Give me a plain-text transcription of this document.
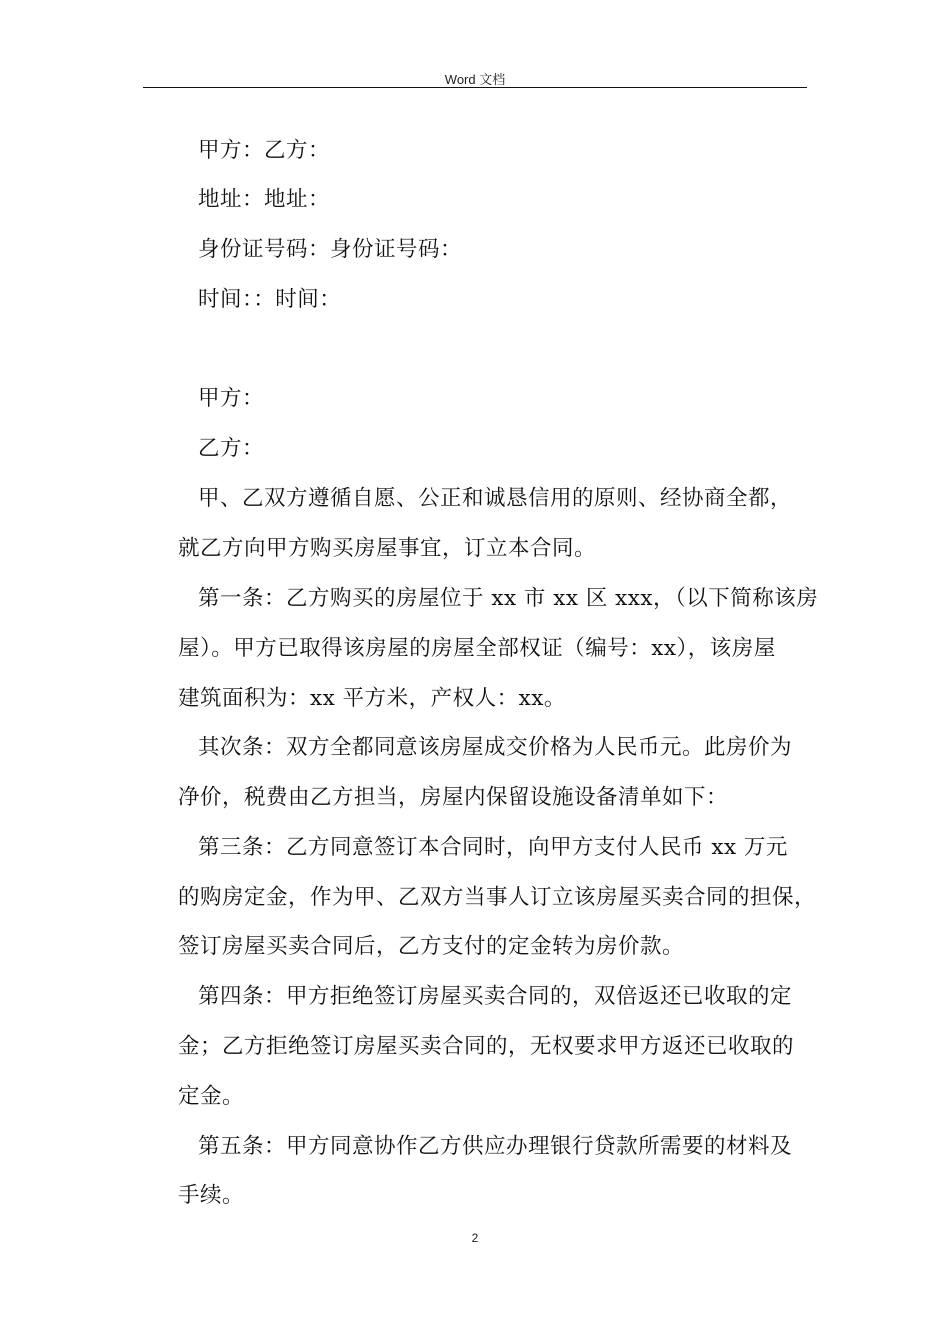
Word 文档
甲方：乙方：
地址：地址：
身份证号码：身份证号码：
时间：：时间：
甲方：
乙方：
甲、乙双方遵循自愿、公正和诚恳信用的原则、经协商全都，
就乙方向甲方购买房屋事宜，订立本合同。
第一条：乙方购买的房屋位于 xx 市 xx 区 xxx，（以下简称该房
屋）。甲方已取得该房屋的房屋全部权证（编号：xx），该房屋
建筑面积为：xx 平方米，产权人：xx。
其次条：双方全都同意该房屋成交价格为人民币元。此房价为
净价，税费由乙方担当，房屋内保留设施设备清单如下：
第三条：乙方同意签订本合同时，向甲方支付人民币 xx 万元
的购房定金，作为甲、乙双方当事人订立该房屋买卖合同的担保，
签订房屋买卖合同后，乙方支付的定金转为房价款。
第四条：甲方拒绝签订房屋买卖合同的，双倍返还已收取的定
金；乙方拒绝签订房屋买卖合同的，无权要求甲方返还已收取的
定金。
第五条：甲方同意协作乙方供应办理银行贷款所需要的材料及
手续。
2
